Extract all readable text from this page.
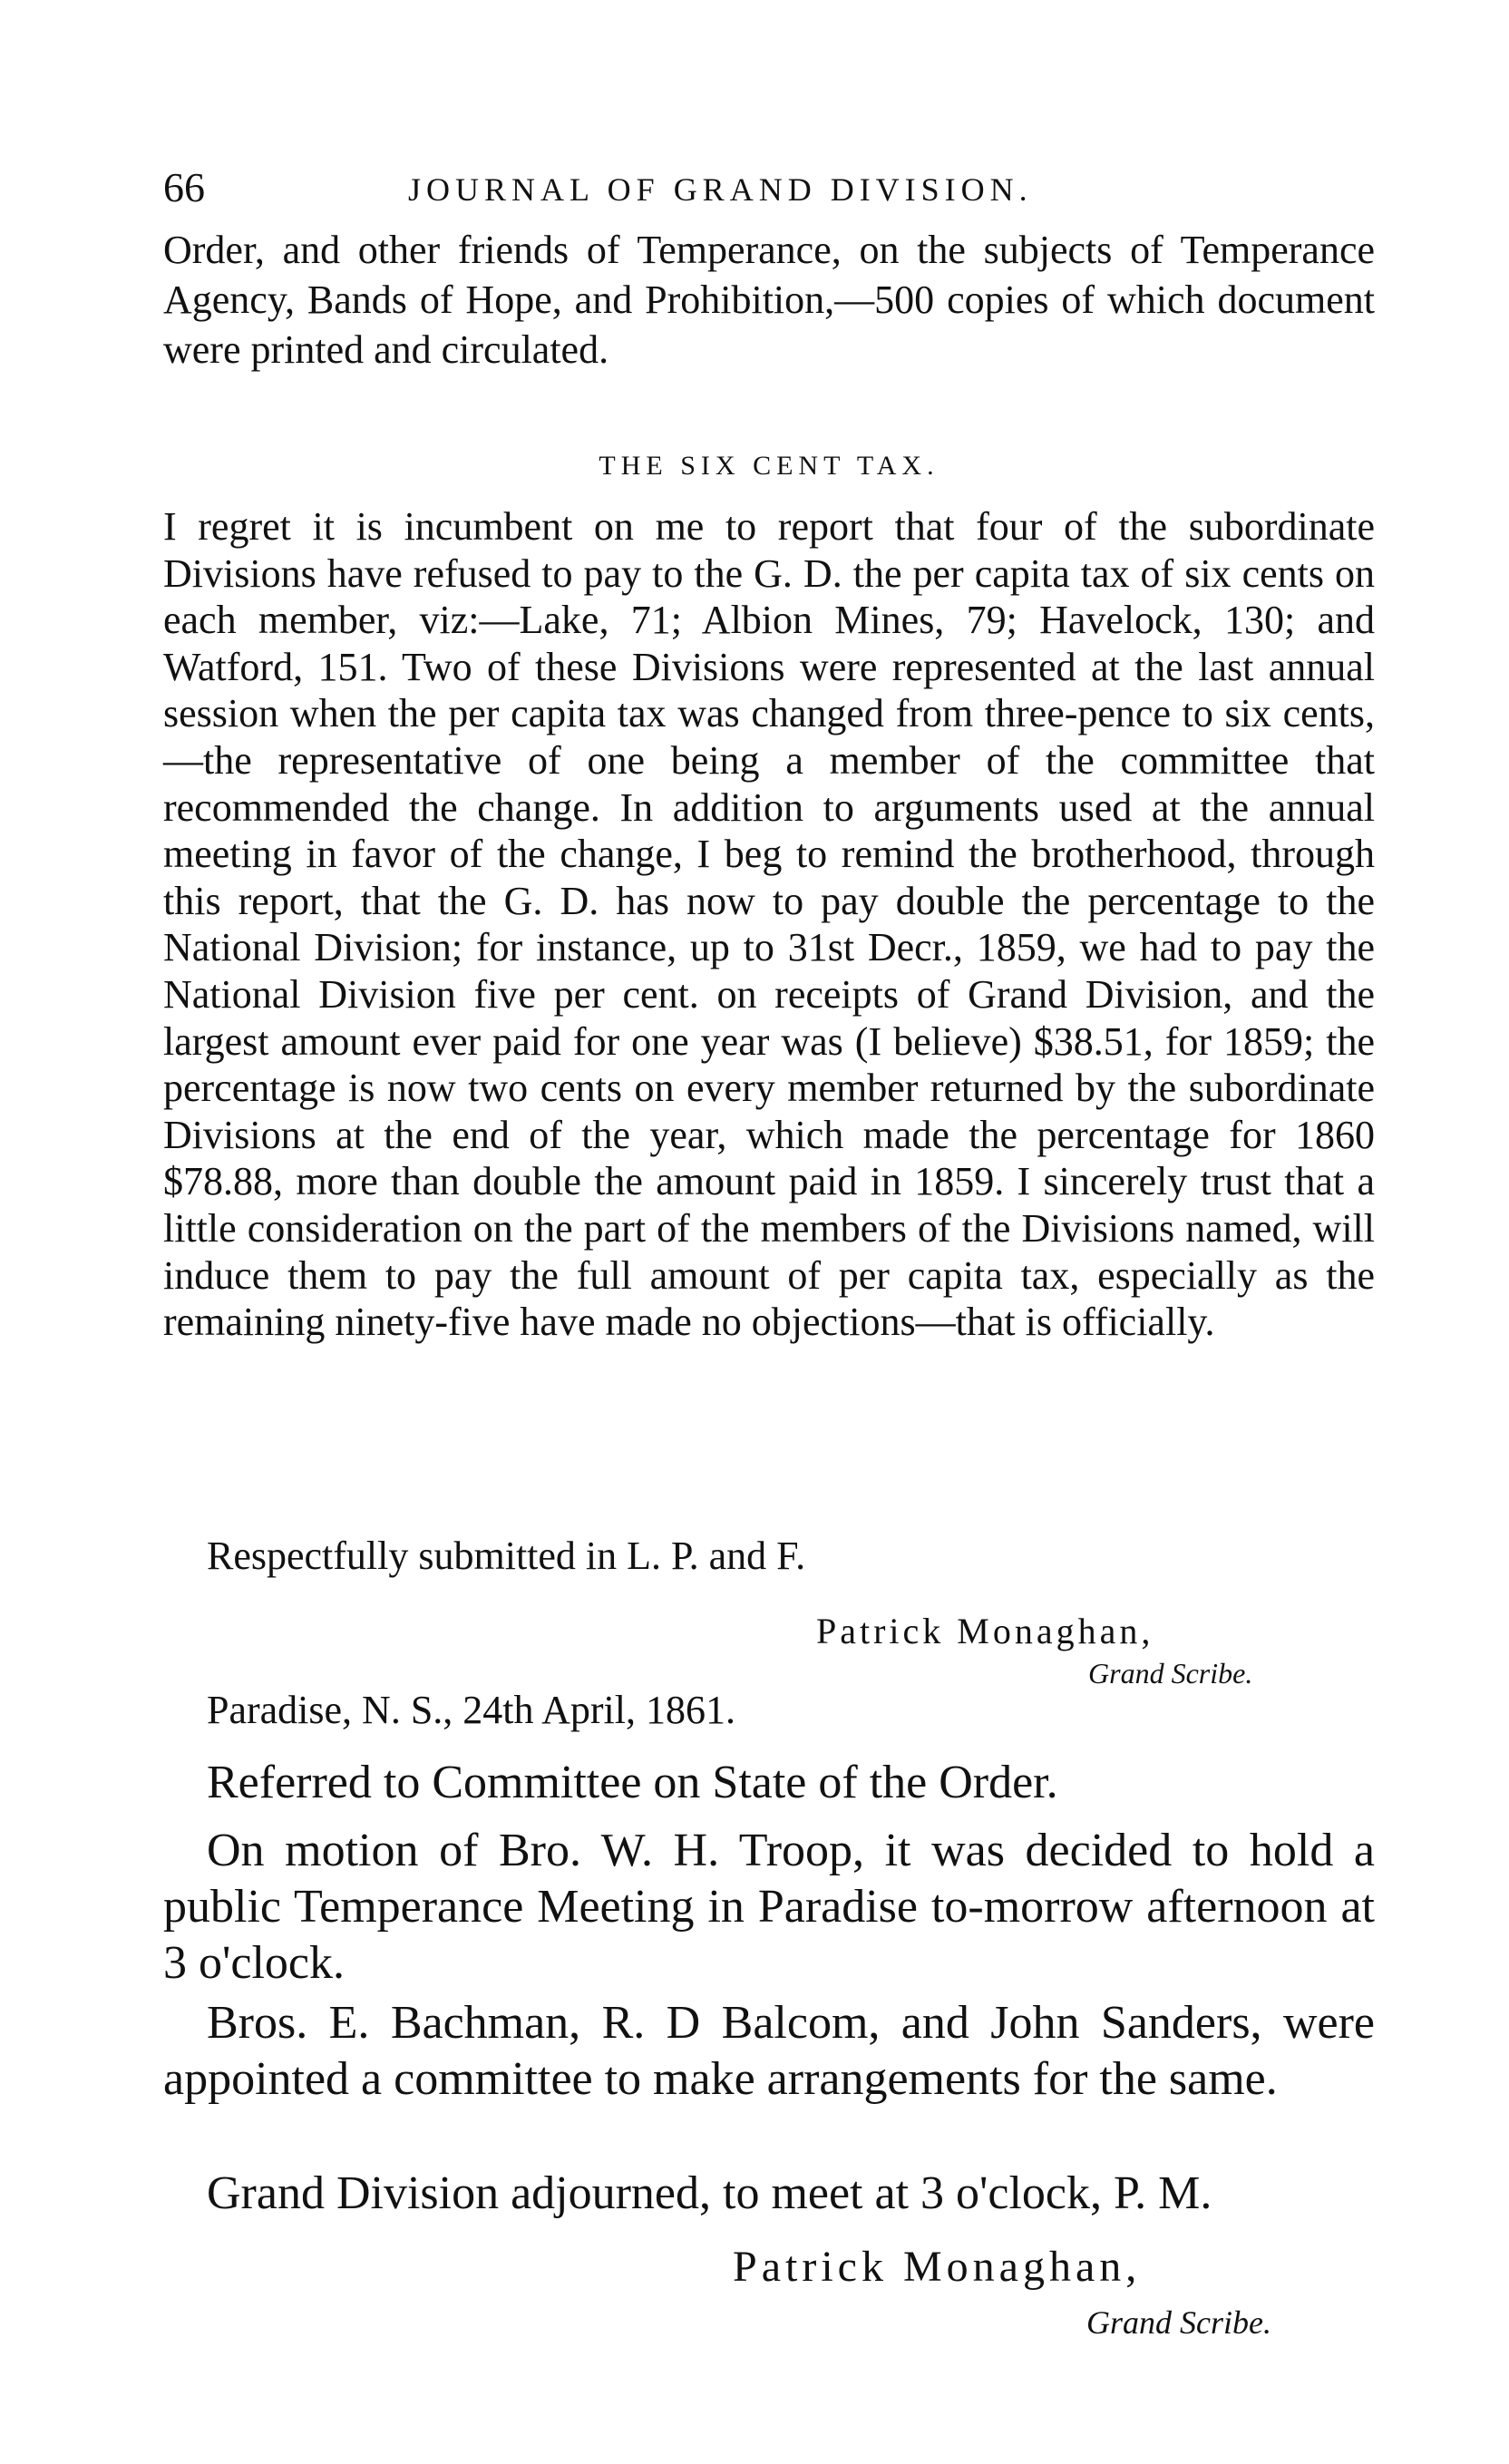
66	JOURNAL OF GRAND DIVISION.
Order, and other friends of Temperance, on the subjects of Temperance Agency, Bands of Hope, and Prohibition,—500 copies of which document were printed and circulated.
THE SIX CENT TAX.
I regret it is incumbent on me to report that four of the subordinate Divisions have refused to pay to the G. D. the per capita tax of six cents on each member, viz:—Lake, 71; Albion Mines, 79; Havelock, 130; and Watford, 151. Two of these Divisions were represented at the last annual session when the per capita tax was changed from three-pence to six cents,—the representative of one being a member of the committee that recommended the change. In addition to arguments used at the annual meeting in favor of the change, I beg to remind the brotherhood, through this report, that the G. D. has now to pay double the percentage to the National Division; for instance, up to 31st Decr., 1859, we had to pay the National Division five per cent. on receipts of Grand Division, and the largest amount ever paid for one year was (I believe) $38.51, for 1859; the percentage is now two cents on every member returned by the subordinate Divisions at the end of the year, which made the percentage for 1860 $78.88, more than double the amount paid in 1859. I sincerely trust that a little consideration on the part of the members of the Divisions named, will induce them to pay the full amount of per capita tax, especially as the remaining ninety-five have made no objections—that is officially.
Respectfully submitted in L. P. and F.
Patrick Monaghan,
Grand Scribe.
Paradise, N. S., 24th April, 1861.
Referred to Committee on State of the Order.
On motion of Bro. W. H. Troop, it was decided to hold a public Temperance Meeting in Paradise to-morrow afternoon at 3 o'clock.
Bros. E. Bachman, R. D Balcom, and John Sanders, were appointed a committee to make arrangements for the same.
Grand Division adjourned, to meet at 3 o'clock, P. M.
Patrick Monaghan,
Grand Scribe.
